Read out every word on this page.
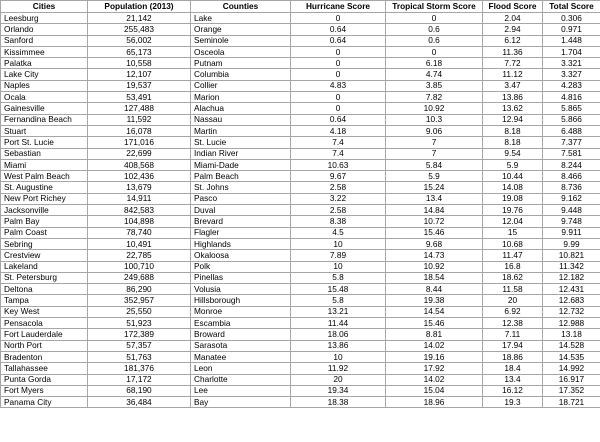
Cities	Population (2013)	Counties	Hurricane Score	Tropical Storm Score	Flood Score	Total Score
Leesburg	21,142	Lake	0	0	2.04	0.306
Orlando	255,483	Orange	0.64	0.6	2.94	0.971
Sanford	56,002	Seminole	0.64	0.6	6.12	1.448
Kissimmee	65,173	Osceola	0	0	11.36	1.704
Palatka	10,558	Putnam	0	6.18	7.72	3.321
Lake City	12,107	Columbia	0	4.74	11.12	3.327
Naples	19,537	Collier	4.83	3.85	3.47	4.283
Ocala	53,491	Marion	0	7.82	13.86	4.816
Gainesville	127,488	Alachua	0	10.92	13.62	5.865
Fernandina Beach	11,592	Nassau	0.64	10.3	12.94	5.866
Stuart	16,078	Martin	4.18	9.06	8.18	6.488
Port St. Lucie	171,016	St. Lucie	7.4	7	8.18	7.377
Sebastian	22,699	Indian River	7.4	7	9.54	7.581
Miami	408,568	Miami-Dade	10.63	5.84	5.9	8.244
West Palm Beach	102,436	Palm Beach	9.67	5.9	10.44	8.466
St. Augustine	13,679	St. Johns	2.58	15.24	14.08	8.736
New Port Richey	14,911	Pasco	3.22	13.4	19.08	9.162
Jacksonville	842,583	Duval	2.58	14.84	19.76	9.448
Palm Bay	104,898	Brevard	8.38	10.72	12.04	9.748
Palm Coast	78,740	Flagler	4.5	15.46	15	9.911
Sebring	10,491	Highlands	10	9.68	10.68	9.99
Crestview	22,785	Okaloosa	7.89	14.73	11.47	10.821
Lakeland	100,710	Polk	10	10.92	16.8	11.342
St. Petersburg	249,688	Pinellas	5.8	18.54	18.62	12.182
Deltona	86,290	Volusia	15.48	8.44	11.58	12.431
Tampa	352,957	Hillsborough	5.8	19.38	20	12.683
Key West	25,550	Monroe	13.21	14.54	6.92	12.732
Pensacola	51,923	Escambia	11.44	15.46	12.38	12.988
Fort Lauderdale	172,389	Broward	18.06	8.81	7.11	13.18
North Port	57,357	Sarasota	13.86	14.02	17.94	14.528
Bradenton	51,763	Manatee	10	19.16	18.86	14.535
Tallahassee	181,376	Leon	11.92	17.92	18.4	14.992
Punta Gorda	17,172	Charlotte	20	14.02	13.4	16.917
Fort Myers	68,190	Lee	19.34	15.04	16.12	17.352
Panama City	36,484	Bay	18.38	18.96	19.3	18.721
